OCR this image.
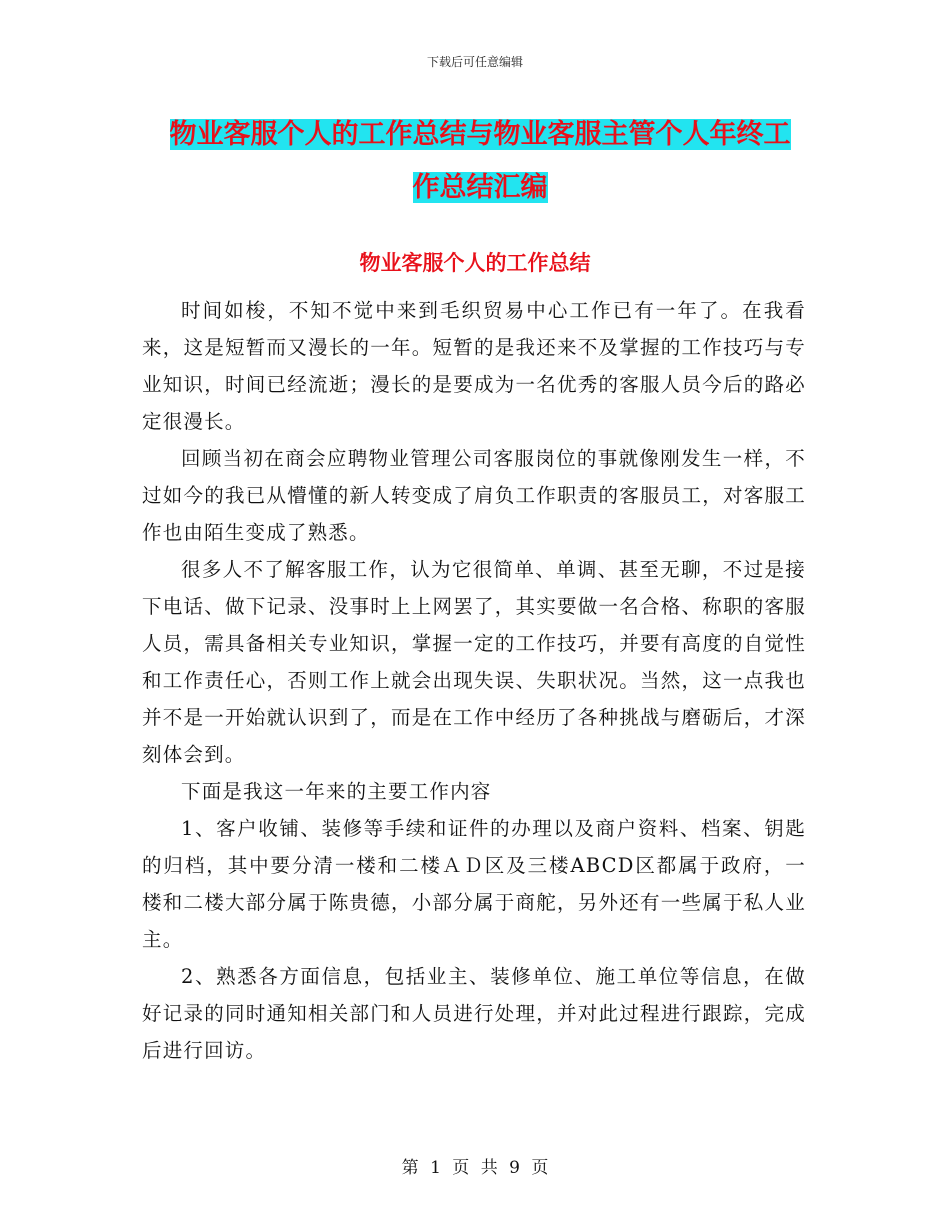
下载后可任意编辑
物业客服个人的工作总结与物业客服主管个人年终工
作总结汇编
物业客服个人的工作总结

时间如梭，不知不觉中来到毛织贸易中心工作已有一年了。在我看来，这是短暂而又漫长的一年。短暂的是我还来不及掌握的工作技巧与专业知识，时间已经流逝；漫长的是要成为一名优秀的客服人员今后的路必定很漫长。

回顾当初在商会应聘物业管理公司客服岗位的事就像刚发生一样，不过如今的我已从懵懂的新人转变成了肩负工作职责的客服员工，对客服工作也由陌生变成了熟悉。

很多人不了解客服工作，认为它很简单、单调、甚至无聊，不过是接下电话、做下记录、没事时上上网罢了，其实要做一名合格、称职的客服人员，需具备相关专业知识，掌握一定的工作技巧，并要有高度的自觉性和工作责任心，否则工作上就会出现失误、失职状况。当然，这一点我也并不是一开始就认识到了，而是在工作中经历了各种挑战与磨砺后，才深刻体会到。

下面是我这一年来的主要工作内容

1、客户收铺、装修等手续和证件的办理以及商户资料、档案、钥匙的归档，其中要分清一楼和二楼ＡＤ区及三楼ABCD区都属于政府，一楼和二楼大部分属于陈贵德，小部分属于商舵，另外还有一些属于私人业主。

2、熟悉各方面信息，包括业主、装修单位、施工单位等信息，在做好记录的同时通知相关部门和人员进行处理，并对此过程进行跟踪，完成后进行回访。

第 1 页 共 9 页
